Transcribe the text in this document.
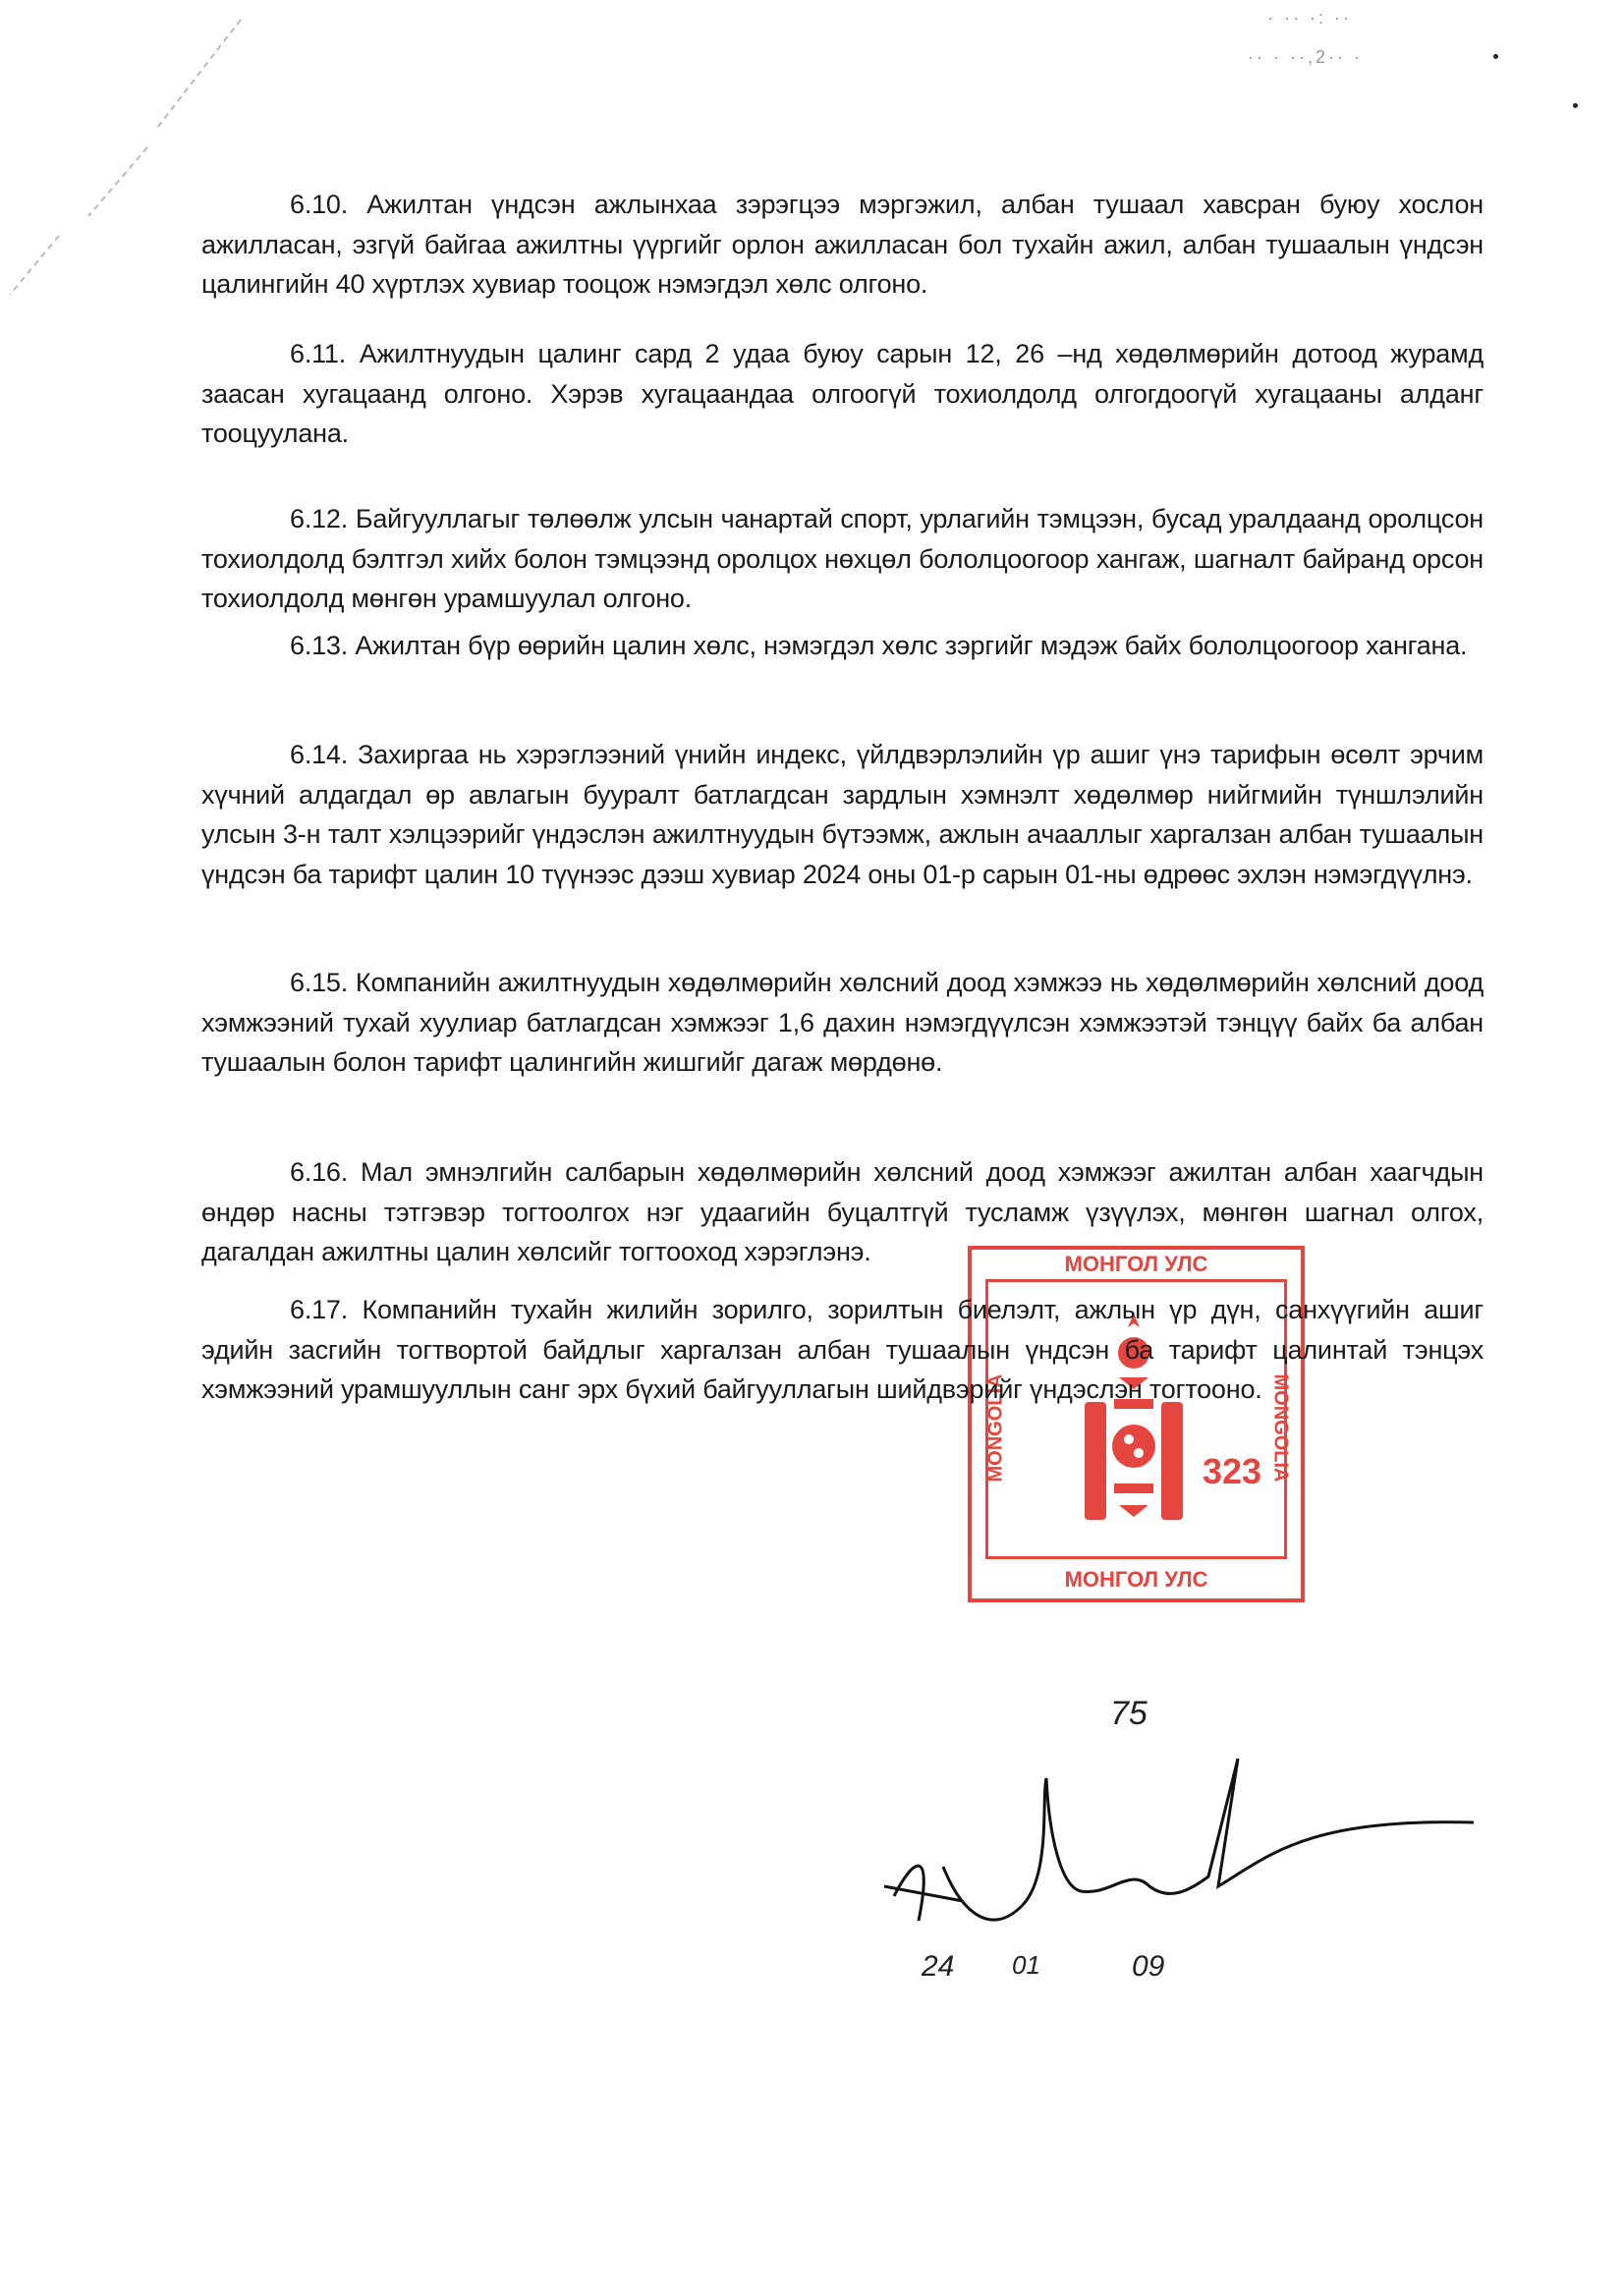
· ·· ·: ··
·· · ··,2·· ·
МОНГОЛ УЛС
МОНГОЛ УЛС
MONGOLIA	MONGOLIA
323

6.10. Ажилтан үндсэн ажлынхаа зэрэгцээ мэргэжил, албан тушаал хавсран буюу хослон ажилласан, эзгүй байгаа ажилтны үүргийг орлон ажилласан бол тухайн ажил, албан тушаалын үндсэн цалингийн 40 хүртлэх хувиар тооцож нэмэгдэл хөлс олгоно.

6.11. Ажилтнуудын цалинг сард 2 удаа буюу сарын 12, 26 –нд хөдөлмөрийн дотоод журамд заасан хугацаанд олгоно. Хэрэв хугацаандаа олгоогүй тохиолдолд олгогдоогүй хугацааны алданг тооцуулана.

6.12. Байгууллагыг төлөөлж улсын чанартай спорт, урлагийн тэмцээн, бусад уралдаанд оролцсон тохиолдолд бэлтгэл хийх болон тэмцээнд оролцох нөхцөл бололцоогоор хангаж, шагналт байранд орсон тохиолдолд мөнгөн урамшуулал олгоно.

6.13. Ажилтан бүр өөрийн цалин хөлс, нэмэгдэл хөлс зэргийг мэдэж байх бололцоогоор хангана.

6.14. Захиргаа нь хэрэглээний үнийн индекс, үйлдвэрлэлийн үр ашиг үнэ тарифын өсөлт эрчим хүчний алдагдал өр авлагын бууралт батлагдсан зардлын хэмнэлт хөдөлмөр нийгмийн түншлэлийн улсын 3-н талт хэлцээрийг үндэслэн ажилтнуудын бүтээмж, ажлын ачааллыг харгалзан албан тушаалын үндсэн ба тарифт цалин 10 түүнээс дээш хувиар 2024 оны 01-р сарын 01-ны өдрөөс эхлэн нэмэгдүүлнэ.

6.15. Компанийн ажилтнуудын хөдөлмөрийн хөлсний доод хэмжээ нь хөдөлмөрийн хөлсний доод хэмжээний тухай хуулиар батлагдсан хэмжээг 1,6 дахин нэмэгдүүлсэн хэмжээтэй тэнцүү байх ба албан тушаалын болон тарифт цалингийн жишгийг дагаж мөрдөнө.

6.16. Мал эмнэлгийн салбарын хөдөлмөрийн хөлсний доод хэмжээг ажилтан албан хаагчдын өндөр насны тэтгэвэр тогтоолгох нэг удаагийн буцалтгүй тусламж үзүүлэх, мөнгөн шагнал олгох, дагалдан ажилтны цалин хөлсийг тогтооход хэрэглэнэ.

6.17. Компанийн тухайн жилийн зорилго, зорилтын биелэлт, ажлын үр дүн, санхүүгийн ашиг эдийн засгийн тогтвортой байдлыг харгалзан албан тушаалын үндсэн ба тарифт цалинтай тэнцэх хэмжээний урамшууллын санг эрх бүхий байгууллагын шийдвэрийг үндэслэн тогтооно.

75
24 01	09
